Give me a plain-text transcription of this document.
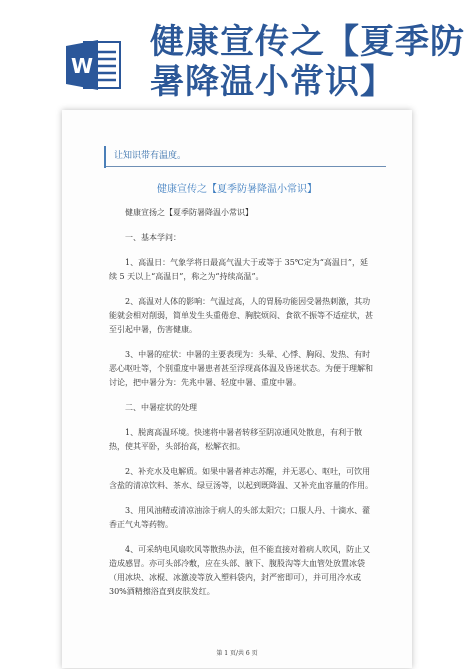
W
健康宣传之【夏季防暑降温小常识】
让知识带有温度。
健康宣传之【夏季防暑降温小常识】

健康宣扬之【夏季防暑降温小常识】

一、基本学问：

1、高温日：气象学将日最高气温大于或等于 35℃定为“高温日”，延续 5 天以上“高温日”，称之为“持续高温”。

2、高温对人体的影响：气温过高，人的胃肠功能因受暑热刺激，其功能就会相对削弱，简单发生头重倦怠、胸脘烦闷、食欲不振等不适症状，甚至引起中暑，伤害健康。

3、中暑的症状：中暑的主要表现为：头晕、心悸、胸闷、发热、有时恶心呕吐等，个别重度中暑患者甚至浮现高体温及昏迷状态。为便于理解和讨论，把中暑分为：先兆中暑、轻度中暑、重度中暑。

二、中暑症状的处理

1、脱离高温环境。快速将中暑者转移至阴凉通风处散息，有利于散热，使其平卧，头部抬高，松解衣扣。

2、补充水及电解质。如果中暑者神志苏醒，并无恶心、呕吐，可饮用含盐的清凉饮料、茶水、绿豆汤等，以起到既降温、又补充血容量的作用。

3、用风油精或清凉油涂于病人的头部太阳穴；口服人丹、十滴水、藿香正气丸等药物。

4、可采纳电风扇吹风等散热办法，但不能直接对着病人吹风，防止又造成感冒。亦可头部冷敷，应在头部、腋下、腹股沟等大血管处放置冰袋（用冰块、冰棍、冰激凌等放入塑料袋内，封严密即可），并可用冷水或 30%酒精擦浴直到皮肤发红。

第 1 页/共 6 页
